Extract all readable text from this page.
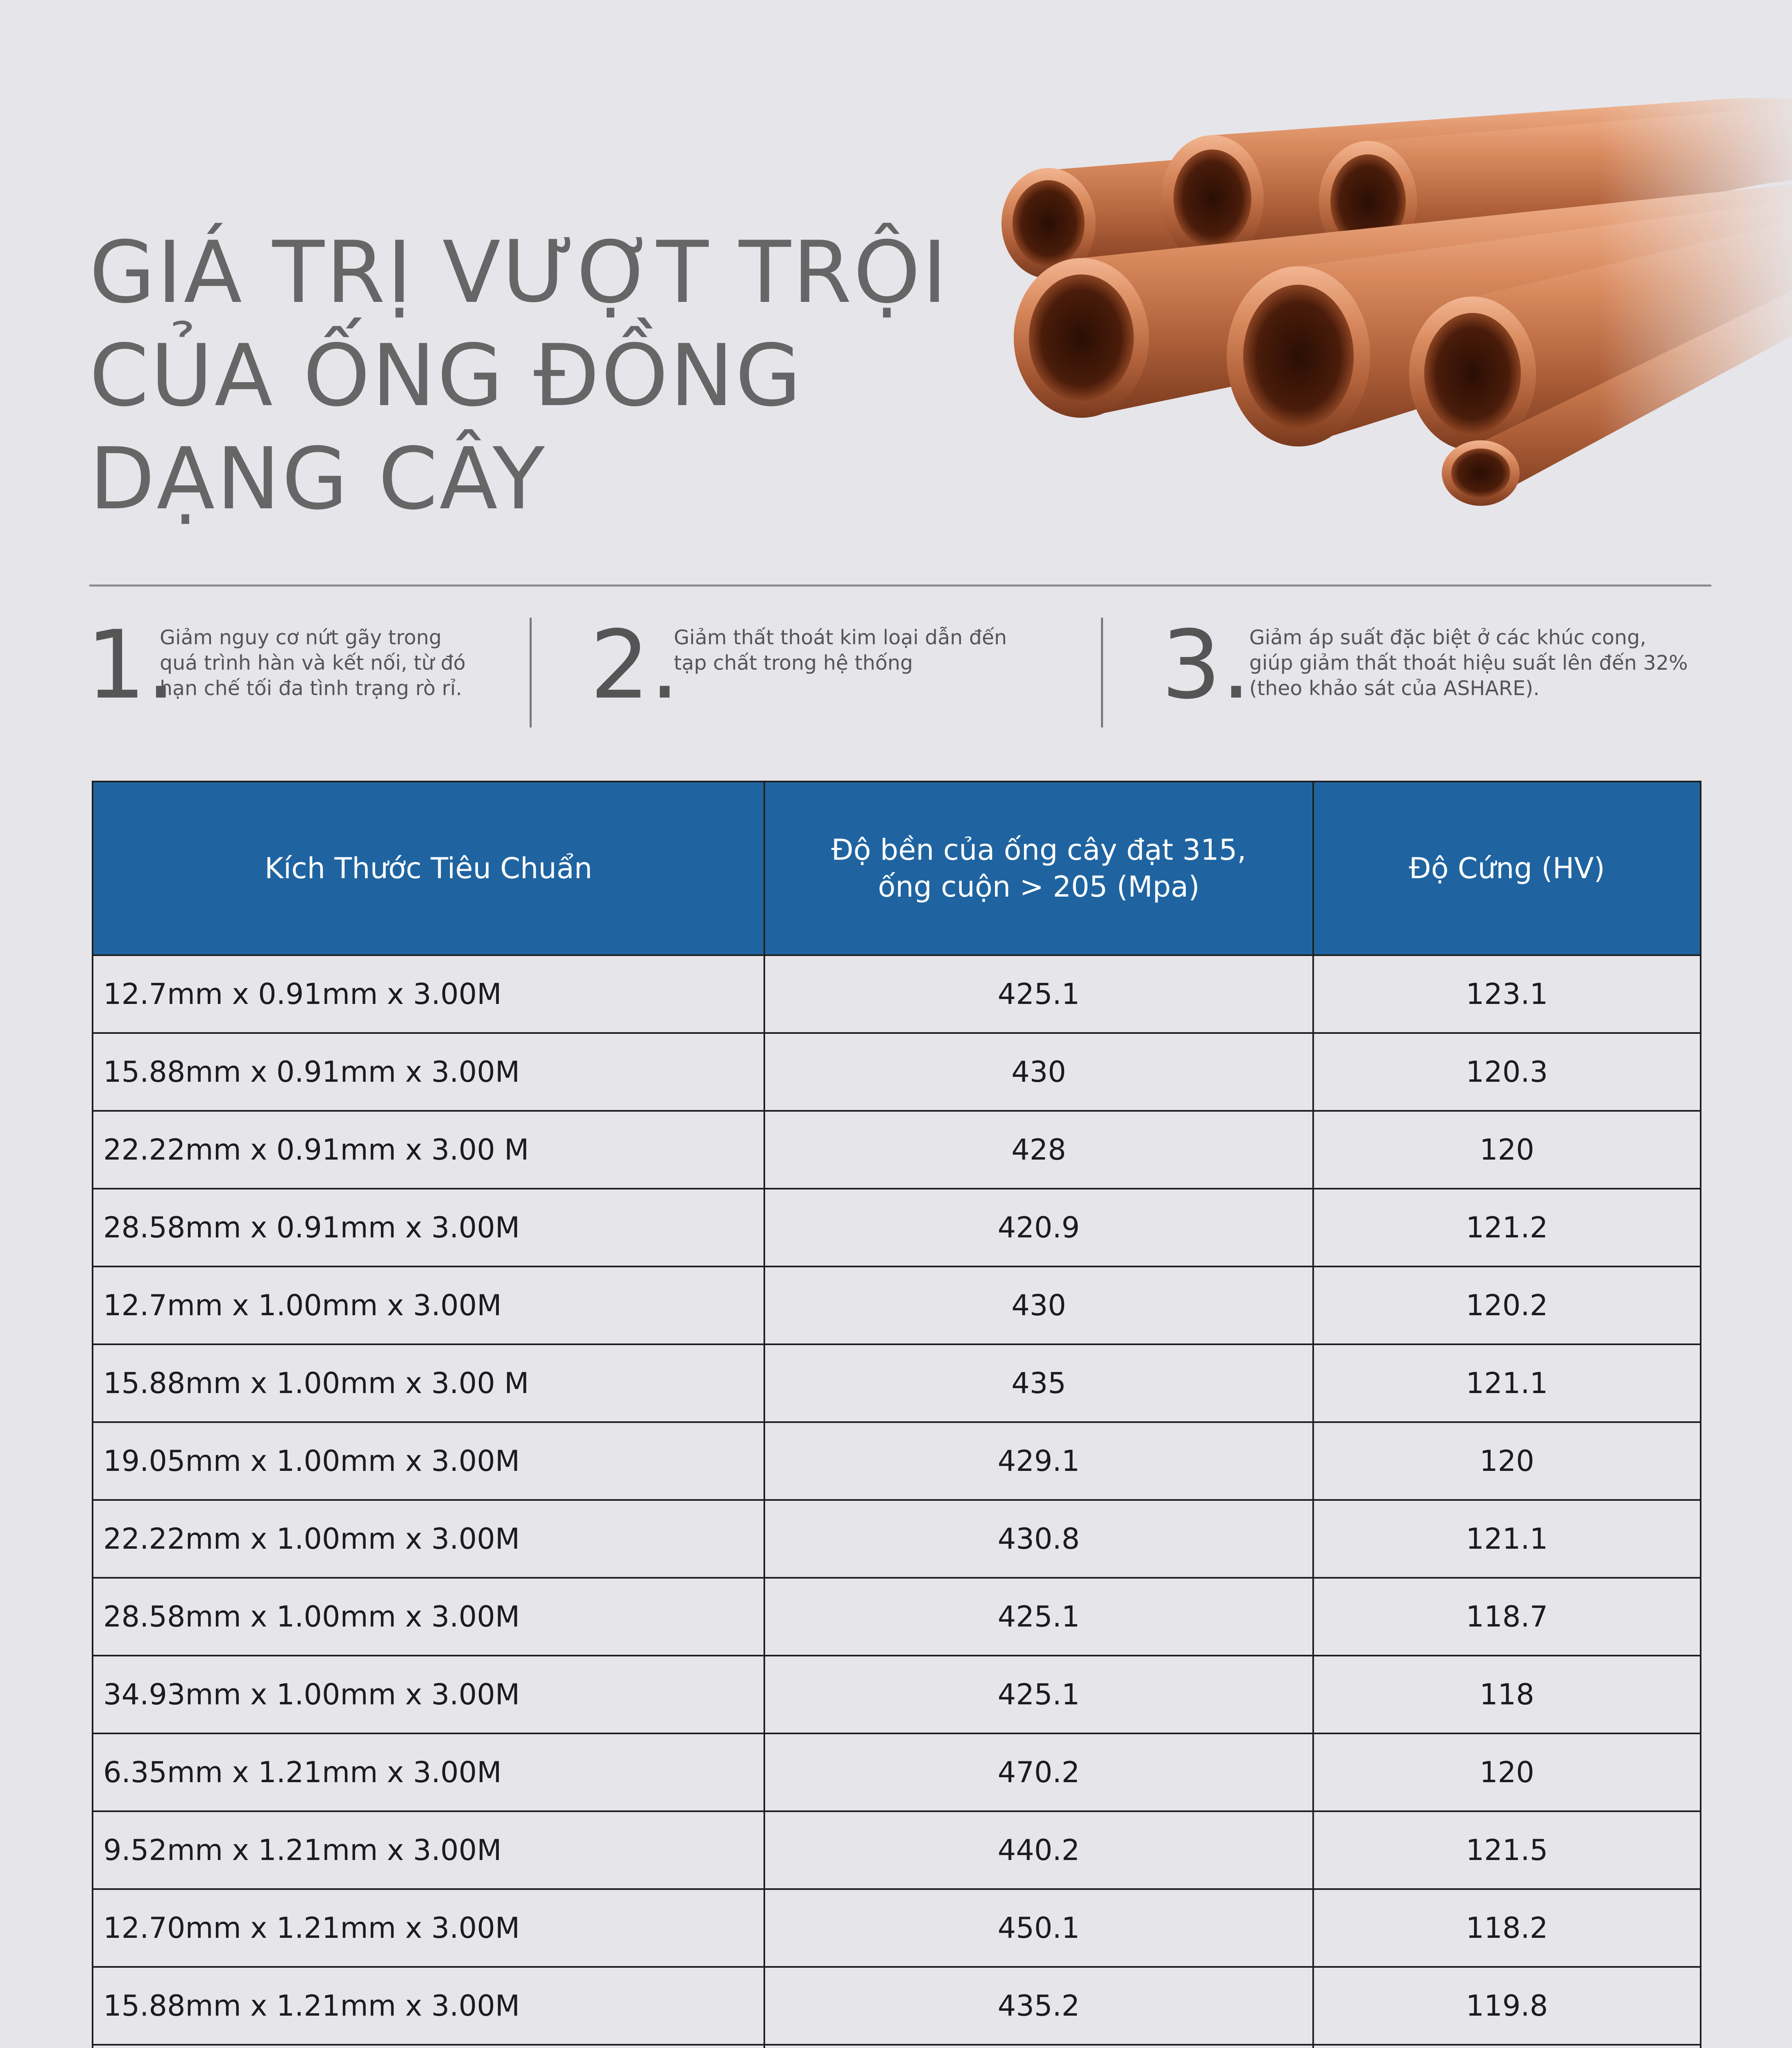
GIÁ TRỊ VƯỢT TRỘI
CỦA ỐNG ĐỒNG
DẠNG CÂY
1.
Giảm nguy cơ nứt gãy trong
quá trình hàn và kết nối, từ đó
hạn chế tối đa tình trạng rò rỉ. 2.
Giảm thất thoát kim loại dẫn đến
tạp chất trong hệ thống	3.
Giảm áp suất đặc biệt ở các khúc cong,
giúp giảm thất thoát hiệu suất lên đến 32%
(theo khảo sát của ASHARE).
Kích Thước Tiêu Chuẩn	Độ bền của ống cây đạt 315,
ống cuộn > 205 (Mpa)	Độ Cứng (HV)
12.7mm x 0.91mm x 3.00M	425.1	123.1
15.88mm x 0.91mm x 3.00M	430	120.3
22.22mm x 0.91mm x 3.00 M	428	120
28.58mm x 0.91mm x 3.00M	420.9	121.2
12.7mm x 1.00mm x 3.00M	430	120.2
15.88mm x 1.00mm x 3.00 M	435	121.1
19.05mm x 1.00mm x 3.00M	429.1	120
22.22mm x 1.00mm x 3.00M	430.8	121.1
28.58mm x 1.00mm x 3.00M	425.1	118.7
34.93mm x 1.00mm x 3.00M	425.1	118
6.35mm x 1.21mm x 3.00M	470.2	120
9.52mm x 1.21mm x 3.00M	440.2	121.5
12.70mm x 1.21mm x 3.00M	450.1	118.2
15.88mm x 1.21mm x 3.00M	435.2	119.8
